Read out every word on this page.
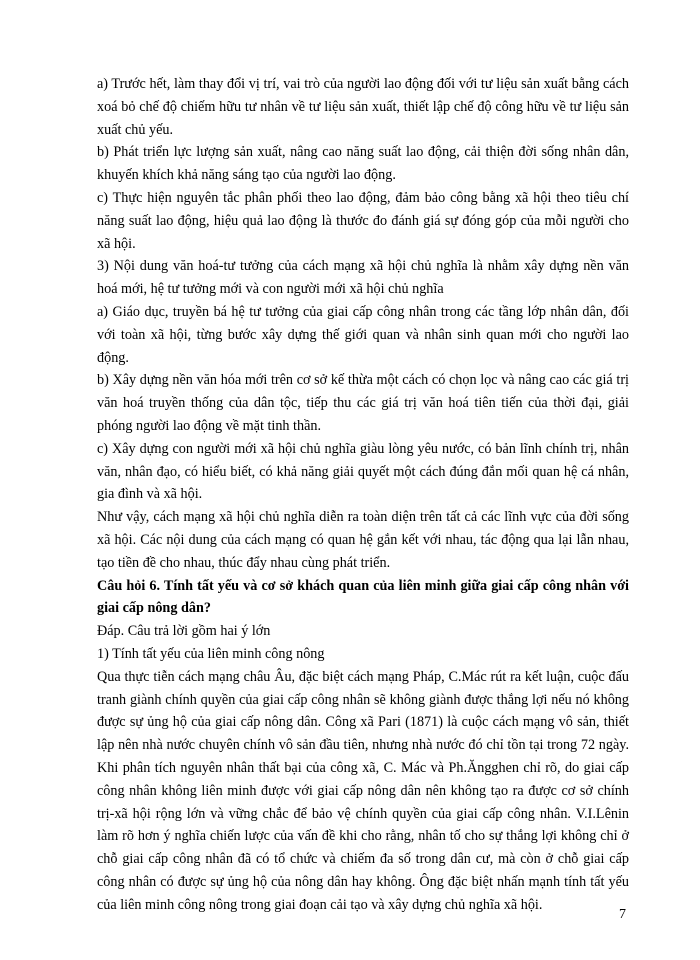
a) Trước hết, làm thay đổi vị trí, vai trò của người lao động đối với tư liệu sản xuất bằng cách xoá bỏ chế độ chiếm hữu tư nhân về tư liệu sản xuất, thiết lập chế độ công hữu về tư liệu sản xuất chủ yếu.

b) Phát triển lực lượng sản xuất, nâng cao năng suất lao động, cải thiện đời sống nhân dân, khuyến khích khả năng sáng tạo của người lao động.

c) Thực hiện nguyên tắc phân phối theo lao động, đảm bảo công bằng xã hội theo tiêu chí năng suất lao động, hiệu quả lao động là thước đo đánh giá sự đóng góp của mỗi người cho xã hội.

3) Nội dung văn hoá-tư tưởng của cách mạng xã hội chủ nghĩa là nhằm xây dựng nền văn hoá mới, hệ tư tưởng mới và con người mới xã hội chủ nghĩa

a) Giáo dục, truyền bá hệ tư tưởng của giai cấp công nhân trong các tầng lớp nhân dân, đối với toàn xã hội, từng bước xây dựng thế giới quan và nhân sinh quan mới cho người lao động.

b) Xây dựng nền văn hóa mới trên cơ sở kế thừa một cách có chọn lọc và nâng cao các giá trị văn hoá truyền thống của dân tộc, tiếp thu các giá trị văn hoá tiên tiến của thời đại, giải phóng người lao động về mặt tinh thần.

c) Xây dựng con người mới xã hội chủ nghĩa giàu lòng yêu nước, có bản lĩnh chính trị, nhân văn, nhân đạo, có hiểu biết, có khả năng giải quyết một cách đúng đắn mối quan hệ cá nhân, gia đình và xã hội.

Như vậy, cách mạng xã hội chủ nghĩa diễn ra toàn diện trên tất cả các lĩnh vực của đời sống xã hội. Các nội dung của cách mạng có quan hệ gắn kết với nhau, tác động qua lại lẫn nhau, tạo tiền đề cho nhau, thúc đẩy nhau cùng phát triển.

Câu hỏi 6. Tính tất yếu và cơ sở khách quan của liên minh giữa giai cấp công nhân với giai cấp nông dân?

Đáp. Câu trả lời gồm hai ý lớn

1) Tính tất yếu của liên minh công nông

Qua thực tiễn cách mạng châu Âu, đặc biệt cách mạng Pháp, C.Mác rút ra kết luận, cuộc đấu tranh giành chính quyền của giai cấp công nhân sẽ không giành được thắng lợi nếu nó không được sự ủng hộ của giai cấp nông dân. Công xã Pari (1871) là cuộc cách mạng vô sản, thiết lập nên nhà nước chuyên chính vô sản đầu tiên, nhưng nhà nước đó chỉ tồn tại trong 72 ngày. Khi phân tích nguyên nhân thất bại của công xã, C. Mác và Ph.Ăngghen chỉ rõ, do giai cấp công nhân không liên minh được với giai cấp nông dân nên không tạo ra được cơ sở chính trị-xã hội rộng lớn và vững chắc để bảo vệ chính quyền của giai cấp công nhân. V.I.Lênin làm rõ hơn ý nghĩa chiến lược của vấn đề khi cho rằng, nhân tố cho sự thắng lợi không chỉ ở chỗ giai cấp công nhân đã có tổ chức và chiếm đa số trong dân cư, mà còn ở chỗ giai cấp công nhân có được sự ủng hộ của nông dân hay không. Ông đặc biệt nhấn mạnh tính tất yếu của liên minh công nông trong giai đoạn cải tạo và xây dựng chủ nghĩa xã hội.

7
